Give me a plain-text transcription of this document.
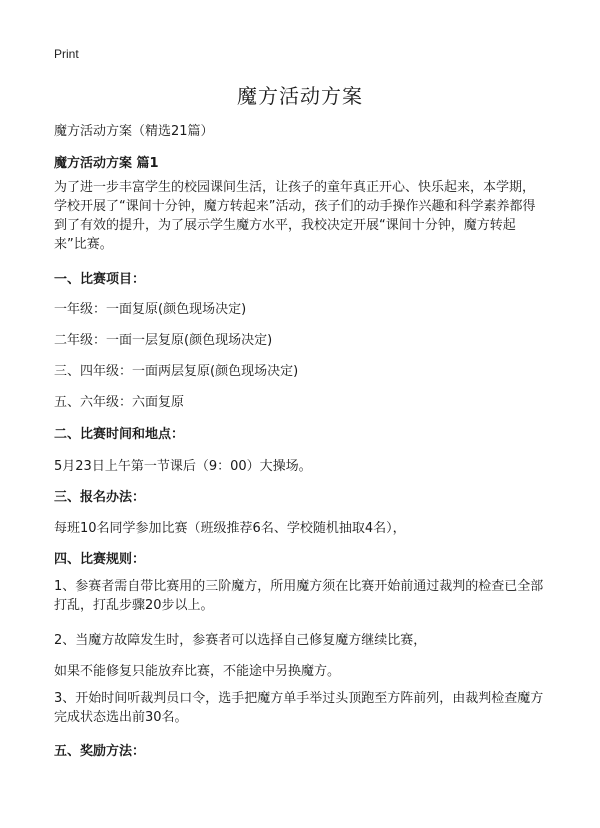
Print
魔方活动方案
魔方活动方案（精选21篇）
魔方活动方案 篇1
为了进一步丰富学生的校园课间生活，让孩子的童年真正开心、快乐起来，本学期，学校开展了“课间十分钟，魔方转起来”活动，孩子们的动手操作兴趣和科学素养都得到了有效的提升，为了展示学生魔方水平，我校决定开展“课间十分钟，魔方转起来”比赛。
一、比赛项目：
一年级：一面复原(颜色现场决定)
二年级：一面一层复原(颜色现场决定)
三、四年级：一面两层复原(颜色现场决定)
五、六年级：六面复原
二、比赛时间和地点：
5月23日上午第一节课后（9：00）大操场。
三、报名办法：
每班10名同学参加比赛（班级推荐6名、学校随机抽取4名），
四、比赛规则：
1、参赛者需自带比赛用的三阶魔方，所用魔方须在比赛开始前通过裁判的检查已全部打乱，打乱步骤20步以上。
2、当魔方故障发生时，参赛者可以选择自己修复魔方继续比赛，
如果不能修复只能放弃比赛，不能途中另换魔方。
3、开始时间听裁判员口令，选手把魔方单手举过头顶跑至方阵前列，由裁判检查魔方完成状态选出前30名。
五、奖励方法：
